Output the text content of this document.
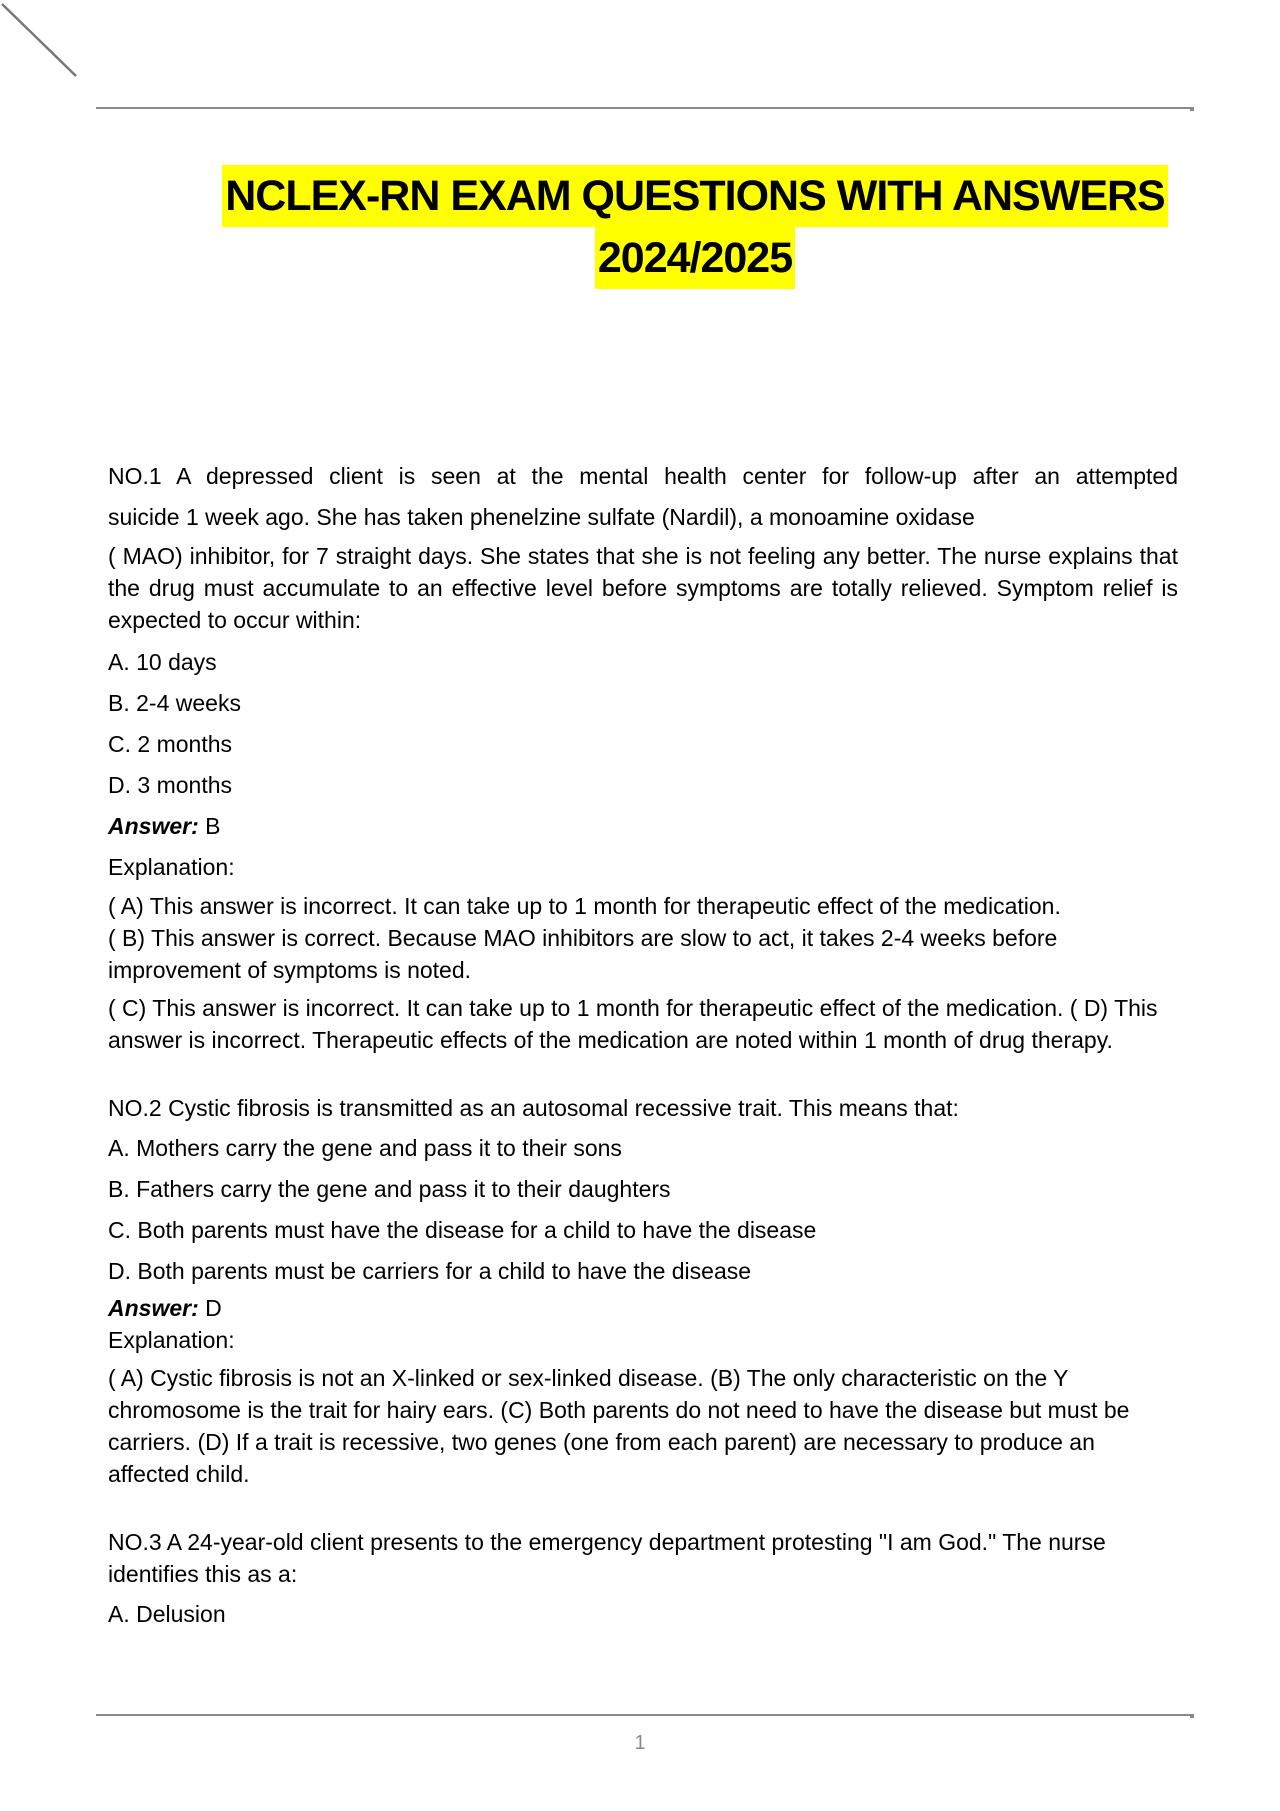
NCLEX-RN EXAM QUESTIONS WITH ANSWERS
2024/2025

NO.1 A depressed client is seen at the mental health center for follow-up after an attempted

suicide 1 week ago. She has taken phenelzine sulfate (Nardil), a monoamine oxidase

( MAO) inhibitor, for 7 straight days. She states that she is not feeling any better. The nurse explains that the drug must accumulate to an effective level before symptoms are totally relieved. Symptom relief is expected to occur within:

A. 10 days

B. 2-4 weeks

C. 2 months

D. 3 months

Answer: B

Explanation:

( A) This answer is incorrect. It can take up to 1 month for therapeutic effect of the medication. ( B) This answer is correct. Because MAO inhibitors are slow to act, it takes 2-4 weeks before improvement of symptoms is noted.

( C) This answer is incorrect. It can take up to 1 month for therapeutic effect of the medication. ( D) This answer is incorrect. Therapeutic effects of the medication are noted within 1 month of drug therapy.

NO.2 Cystic fibrosis is transmitted as an autosomal recessive trait. This means that:

A. Mothers carry the gene and pass it to their sons

B. Fathers carry the gene and pass it to their daughters

C. Both parents must have the disease for a child to have the disease

D. Both parents must be carriers for a child to have the disease

Answer: D

Explanation:

( A) Cystic fibrosis is not an X-linked or sex-linked disease. (B) The only characteristic on the Y chromosome is the trait for hairy ears. (C) Both parents do not need to have the disease but must be carriers. (D) If a trait is recessive, two genes (one from each parent) are necessary to produce an affected child.

NO.3 A 24-year-old client presents to the emergency department protesting "I am God." The nurse identifies this as a:

A. Delusion

1
